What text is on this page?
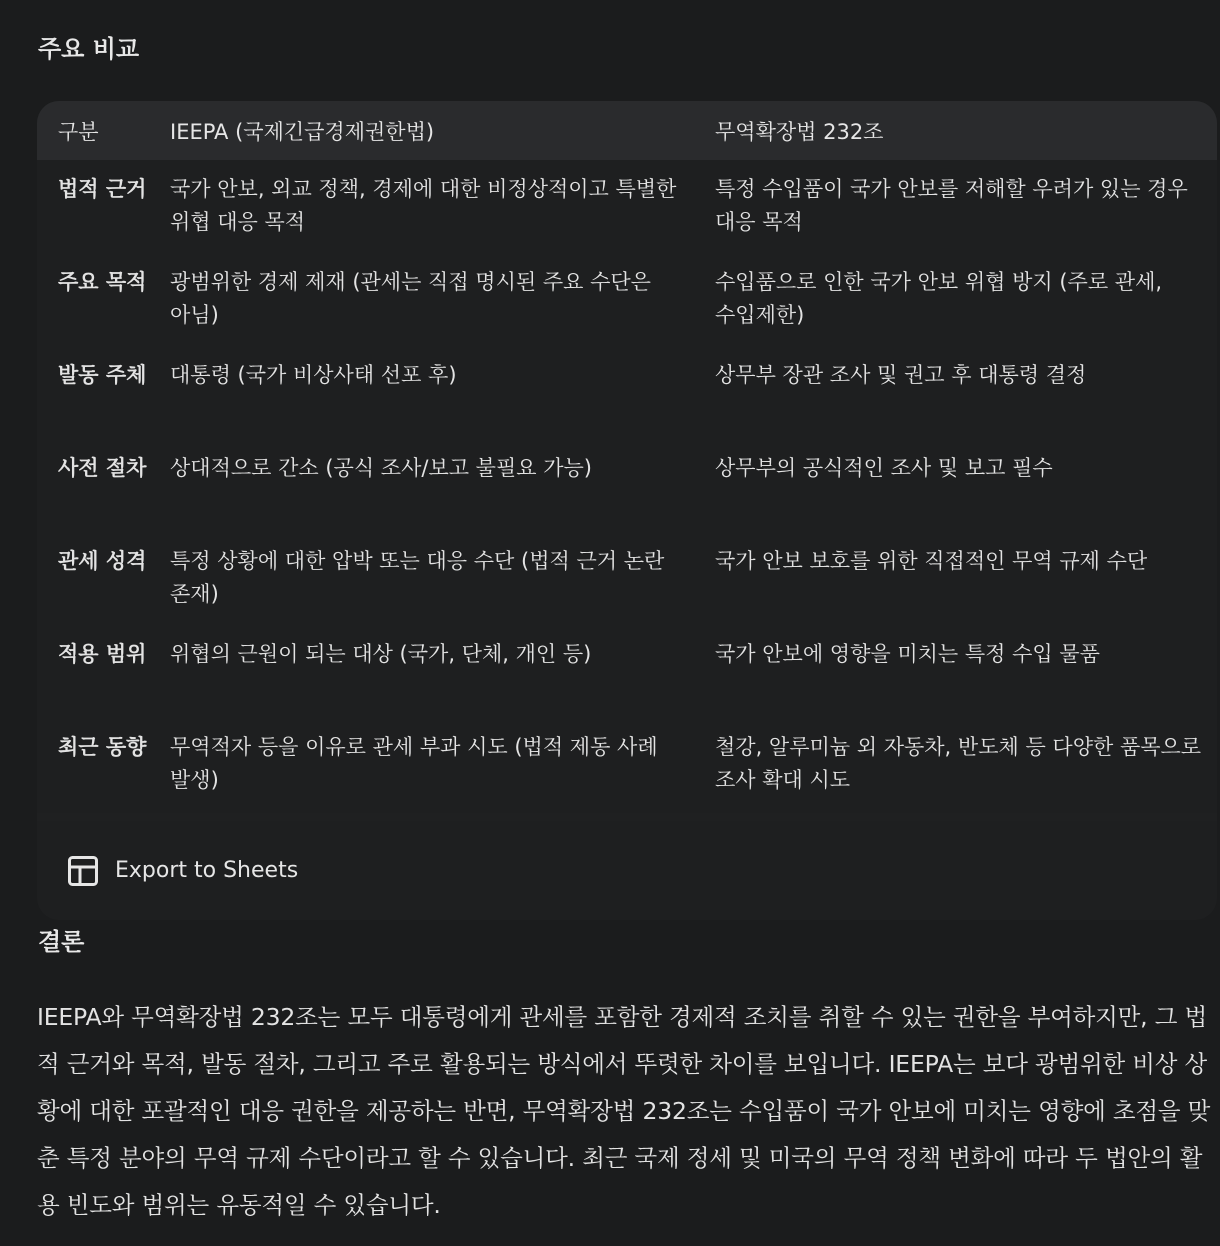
주요 비교
구분	IEEPA (국제긴급경제권한법)	무역확장법 232조
법적 근거	국가 안보, 외교 정책, 경제에 대한 비정상적이고 특별한 위협 대응 목적	특정 수입품이 국가 안보를 저해할 우려가 있는 경우 대응 목적
주요 목적	광범위한 경제 제재 (관세는 직접 명시된 주요 수단은 아님)	수입품으로 인한 국가 안보 위협 방지 (주로 관세, 수입제한)
발동 주체	대통령 (국가 비상사태 선포 후)	상무부 장관 조사 및 권고 후 대통령 결정
사전 절차	상대적으로 간소 (공식 조사/보고 불필요 가능)	상무부의 공식적인 조사 및 보고 필수
관세 성격	특정 상황에 대한 압박 또는 대응 수단 (법적 근거 논란 존재)	국가 안보 보호를 위한 직접적인 무역 규제 수단
적용 범위	위협의 근원이 되는 대상 (국가, 단체, 개인 등)	국가 안보에 영향을 미치는 특정 수입 물품
최근 동향	무역적자 등을 이유로 관세 부과 시도 (법적 제동 사례 발생)	철강, 알루미늄 외 자동차, 반도체 등 다양한 품목으로 조사 확대 시도
Export to Sheets
결론

IEEPA와 무역확장법 232조는 모두 대통령에게 관세를 포함한 경제적 조치를 취할 수 있는 권한을 부여하지만, 그 법적 근거와 목적, 발동 절차, 그리고 주로 활용되는 방식에서 뚜렷한 차이를 보입니다. IEEPA는 보다 광범위한 비상 상황에 대한 포괄적인 대응 권한을 제공하는 반면, 무역확장법 232조는 수입품이 국가 안보에 미치는 영향에 초점을 맞춘 특정 분야의 무역 규제 수단이라고 할 수 있습니다. 최근 국제 정세 및 미국의 무역 정책 변화에 따라 두 법안의 활용 빈도와 범위는 유동적일 수 있습니다.
